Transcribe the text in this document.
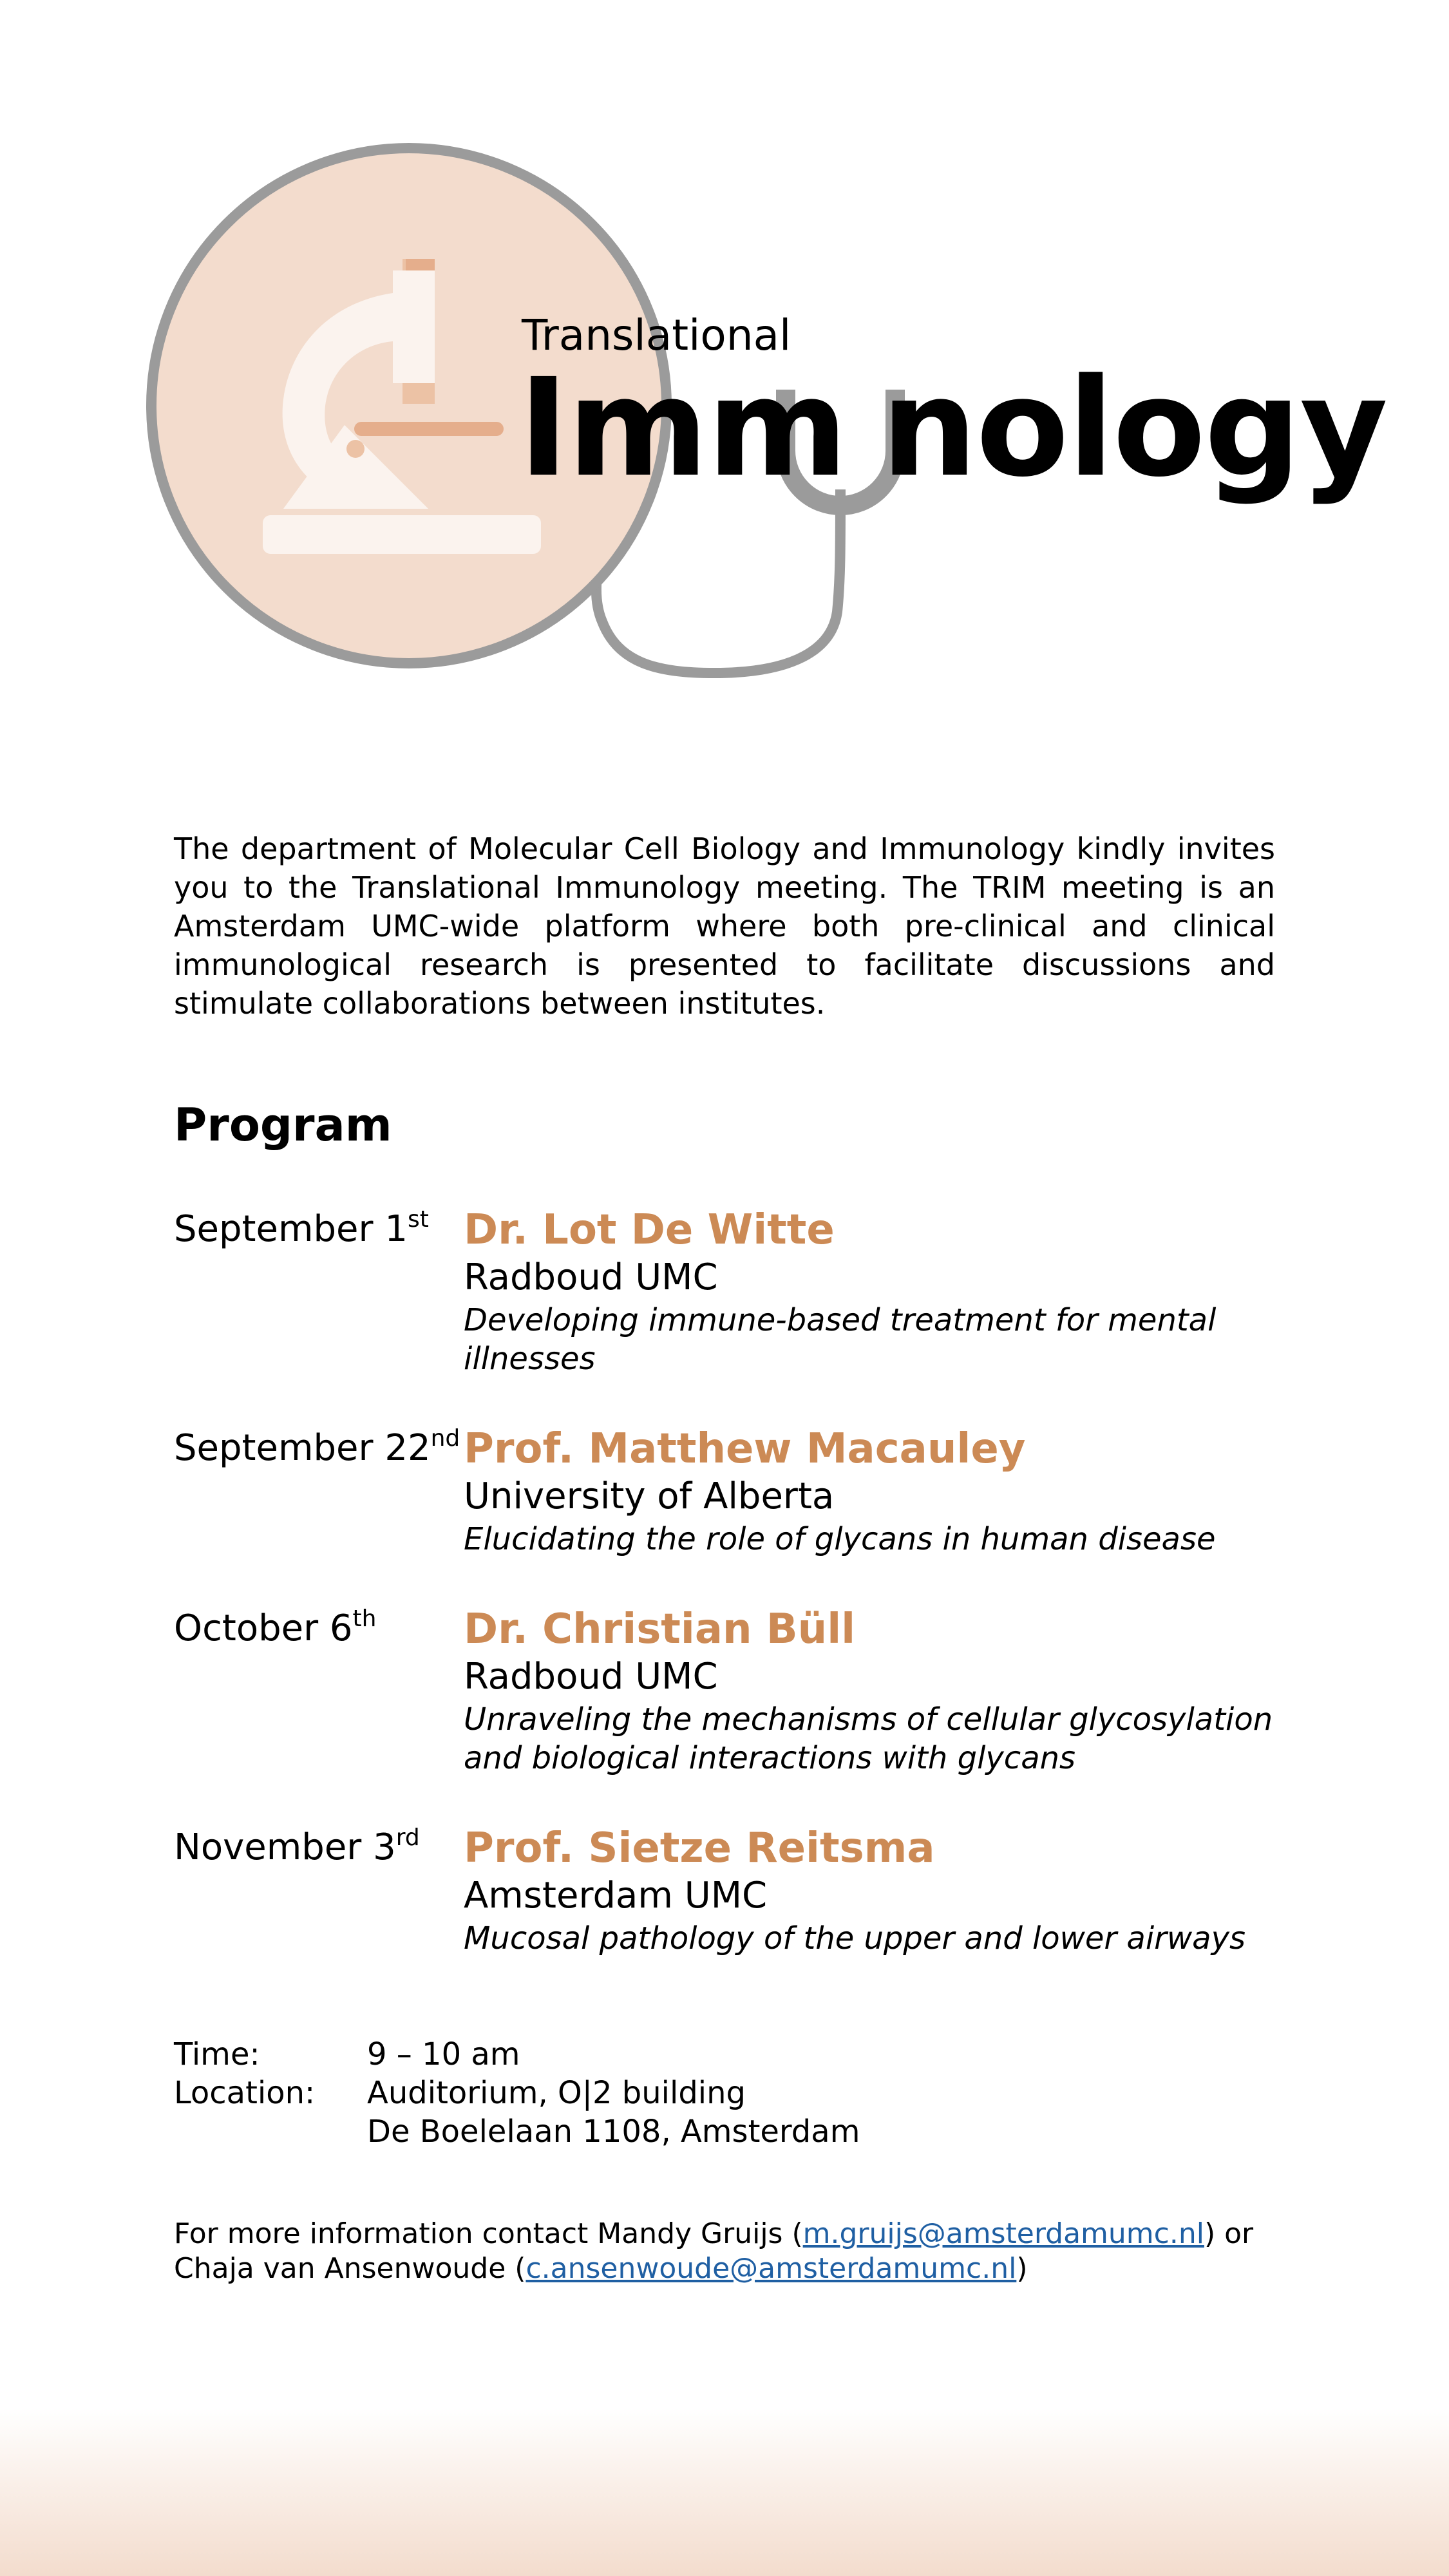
Translational
Imm nology

The department of Molecular Cell Biology and Immunology kindly invites you to the Translational Immunology meeting. The TRIM meeting is an Amsterdam UMC-wide platform where both pre-clinical and clinical immunological research is presented to facilitate discussions and stimulate collaborations between institutes.

Program
September 1st Dr. Lot De Witte
Radboud UMC
Developing immune-based treatment for mental illnesses
September 22nd Prof. Matthew Macauley
University of Alberta
Elucidating the role of glycans in human disease
October 6th Dr. Christian Büll
Radboud UMC
Unraveling the mechanisms of cellular glycosylation and biological interactions with glycans
November 3rd Prof. Sietze Reitsma
Amsterdam UMC
Mucosal pathology of the upper and lower airways
Time:	9 – 10 am
Location:	Auditorium, O|2 building
De Boelelaan 1108, Amsterdam

For more information contact Mandy Gruijs (m.gruijs@amsterdamumc.nl) or Chaja van Ansenwoude (c.ansenwoude@amsterdamumc.nl)
